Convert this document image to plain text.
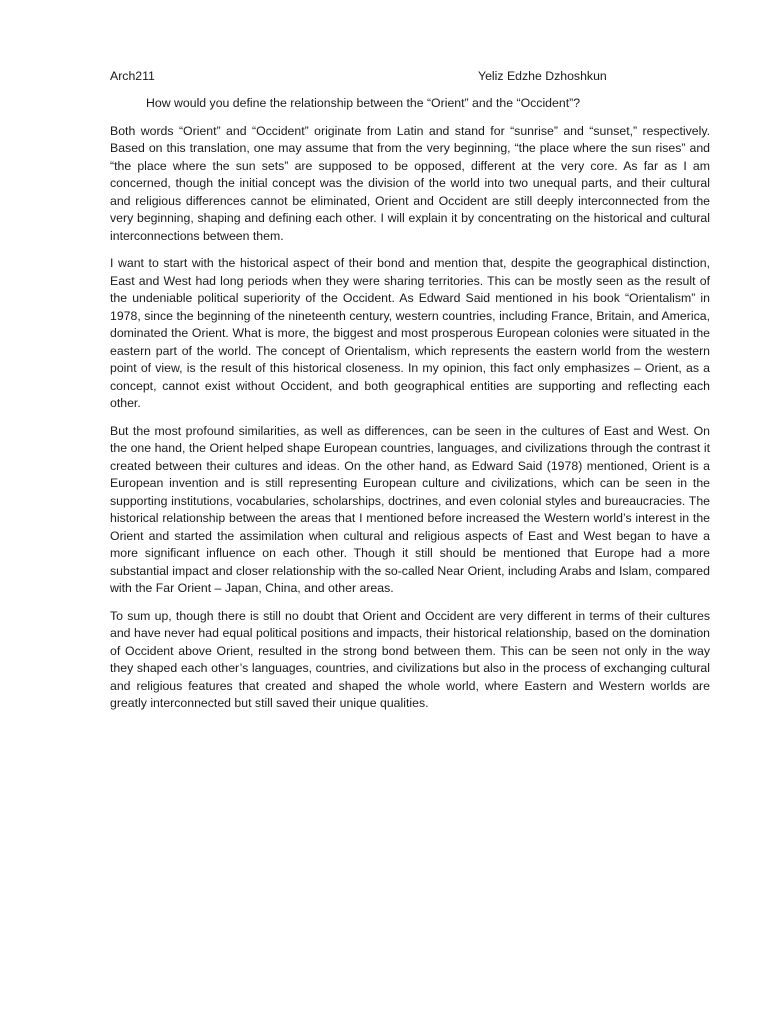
Arch211	Yeliz Edzhe Dzhoshkun
How would you define the relationship between the “Orient” and the “Occident”?

Both words “Orient” and “Occident” originate from Latin and stand for “sunrise” and “sunset,” respectively. Based on this translation, one may assume that from the very beginning, “the place where the sun rises” and “the place where the sun sets” are supposed to be opposed, different at the very core. As far as I am concerned, though the initial concept was the division of the world into two unequal parts, and their cultural and religious differences cannot be eliminated, Orient and Occident are still deeply interconnected from the very beginning, shaping and defining each other. I will explain it by concentrating on the historical and cultural interconnections between them.

I want to start with the historical aspect of their bond and mention that, despite the geographical distinction, East and West had long periods when they were sharing territories. This can be mostly seen as the result of the undeniable political superiority of the Occident. As Edward Said mentioned in his book “Orientalism” in 1978, since the beginning of the nineteenth century, western countries, including France, Britain, and America, dominated the Orient. What is more, the biggest and most prosperous European colonies were situated in the eastern part of the world. The concept of Orientalism, which represents the eastern world from the western point of view, is the result of this historical closeness. In my opinion, this fact only emphasizes – Orient, as a concept, cannot exist without Occident, and both geographical entities are supporting and reflecting each other.

But the most profound similarities, as well as differences, can be seen in the cultures of East and West. On the one hand, the Orient helped shape European countries, languages, and civilizations through the contrast it created between their cultures and ideas. On the other hand, as Edward Said (1978) mentioned, Orient is a European invention and is still representing European culture and civilizations, which can be seen in the supporting institutions, vocabularies, scholarships, doctrines, and even colonial styles and bureaucracies. The historical relationship between the areas that I mentioned before increased the Western world’s interest in the Orient and started the assimilation when cultural and religious aspects of East and West began to have a more significant influence on each other. Though it still should be mentioned that Europe had a more substantial impact and closer relationship with the so-called Near Orient, including Arabs and Islam, compared with the Far Orient – Japan, China, and other areas.

To sum up, though there is still no doubt that Orient and Occident are very different in terms of their cultures and have never had equal political positions and impacts, their historical relationship, based on the domination of Occident above Orient, resulted in the strong bond between them. This can be seen not only in the way they shaped each other’s languages, countries, and civilizations but also in the process of exchanging cultural and religious features that created and shaped the whole world, where Eastern and Western worlds are greatly interconnected but still saved their unique qualities.
